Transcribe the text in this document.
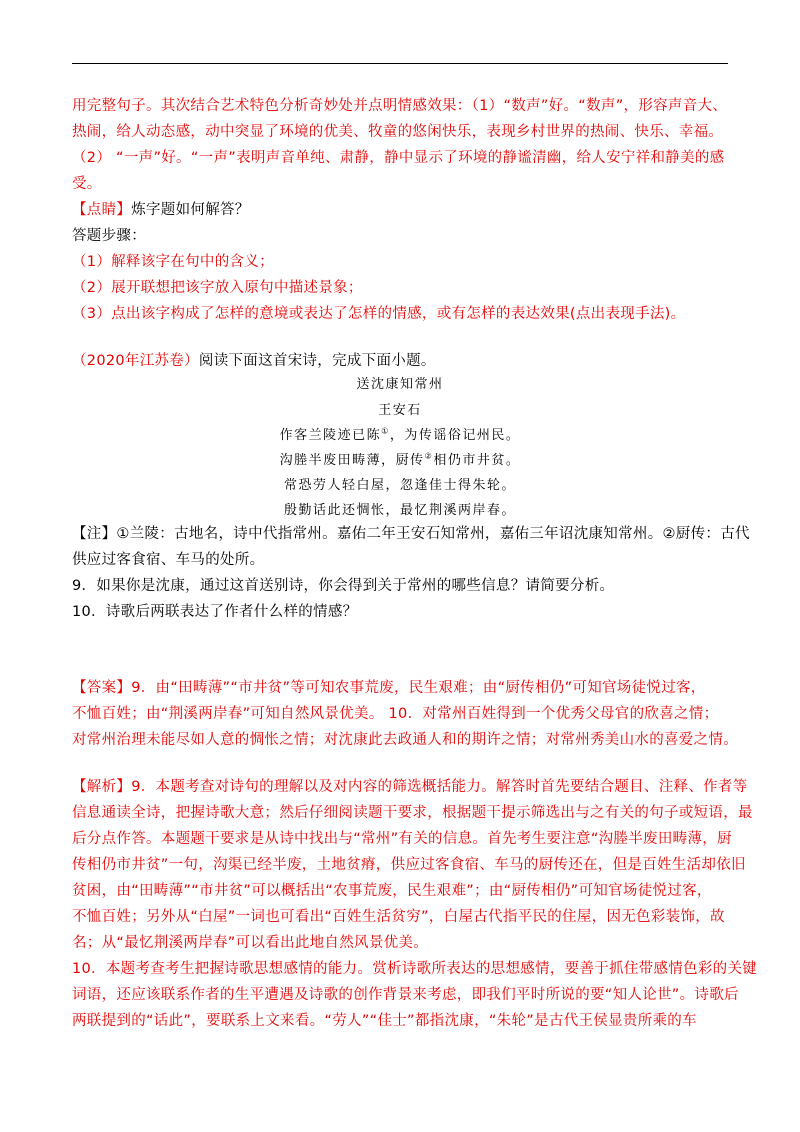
用完整句子。其次结合艺术特色分析奇妙处并点明情感效果：（1）“数声”好。“数声”，形容声音大、
热闹，给人动态感，动中突显了环境的优美、牧童的悠闲快乐，表现乡村世界的热闹、快乐、幸福。
（2） “一声”好。“一声”表明声音单纯、肃静，静中显示了环境的静谧清幽，给人安宁祥和静美的感
受。
【点睛】炼字题如何解答？
答题步骤：
（1）解释该字在句中的含义；
（2）展开联想把该字放入原句中描述景象；
（3）点出该字构成了怎样的意境或表达了怎样的情感，或有怎样的表达效果(点出表现手法)。
（2020年江苏卷）阅读下面这首宋诗，完成下面小题。
送沈康知常州
王安石
作客兰陵迹已陈①，为传谣俗记州民。
沟塍半废田畴薄，厨传②相仍市井贫。
常恐劳人轻白屋，忽逢佳士得朱轮。
殷勤话此还惆怅，最忆荆溪两岸春。
【注】①兰陵：古地名，诗中代指常州。嘉佑二年王安石知常州，嘉佑三年诏沈康知常州。②厨传：古代
供应过客食宿、车马的处所。
9．如果你是沈康，通过这首送别诗，你会得到关于常州的哪些信息？请简要分析。
10．诗歌后两联表达了作者什么样的情感？
【答案】9．由“田畴薄”“市井贫”等可知农事荒废，民生艰难；由“厨传相仍”可知官场徒悦过客，
不恤百姓；由“荆溪两岸春”可知自然风景优美。 10．对常州百姓得到一个优秀父母官的欣喜之情；
对常州治理未能尽如人意的惆怅之情；对沈康此去政通人和的期许之情；对常州秀美山水的喜爱之情。
【解析】9．本题考查对诗句的理解以及对内容的筛选概括能力。解答时首先要结合题目、注释、作者等
信息通读全诗，把握诗歌大意；然后仔细阅读题干要求，根据题干提示筛选出与之有关的句子或短语，最
后分点作答。本题题干要求是从诗中找出与“常州”有关的信息。首先考生要注意“沟塍半废田畴薄，厨
传相仍市井贫”一句，沟渠已经半废，土地贫瘠，供应过客食宿、车马的厨传还在，但是百姓生活却依旧
贫困，由“田畴薄”“市井贫”可以概括出“农事荒废，民生艰难”；由“厨传相仍”可知官场徒悦过客，
不恤百姓；另外从“白屋”一词也可看出“百姓生活贫穷”，白屋古代指平民的住屋，因无色彩装饰，故
名；从“最忆荆溪两岸春”可以看出此地自然风景优美。
10．本题考查考生把握诗歌思想感情的能力。赏析诗歌所表达的思想感情，要善于抓住带感情色彩的关键
词语，还应该联系作者的生平遭遇及诗歌的创作背景来考虑，即我们平时所说的要“知人论世”。诗歌后
两联提到的“话此”，要联系上文来看。“劳人”“佳士”都指沈康，“朱轮”是古代王侯显贵所乘的车
